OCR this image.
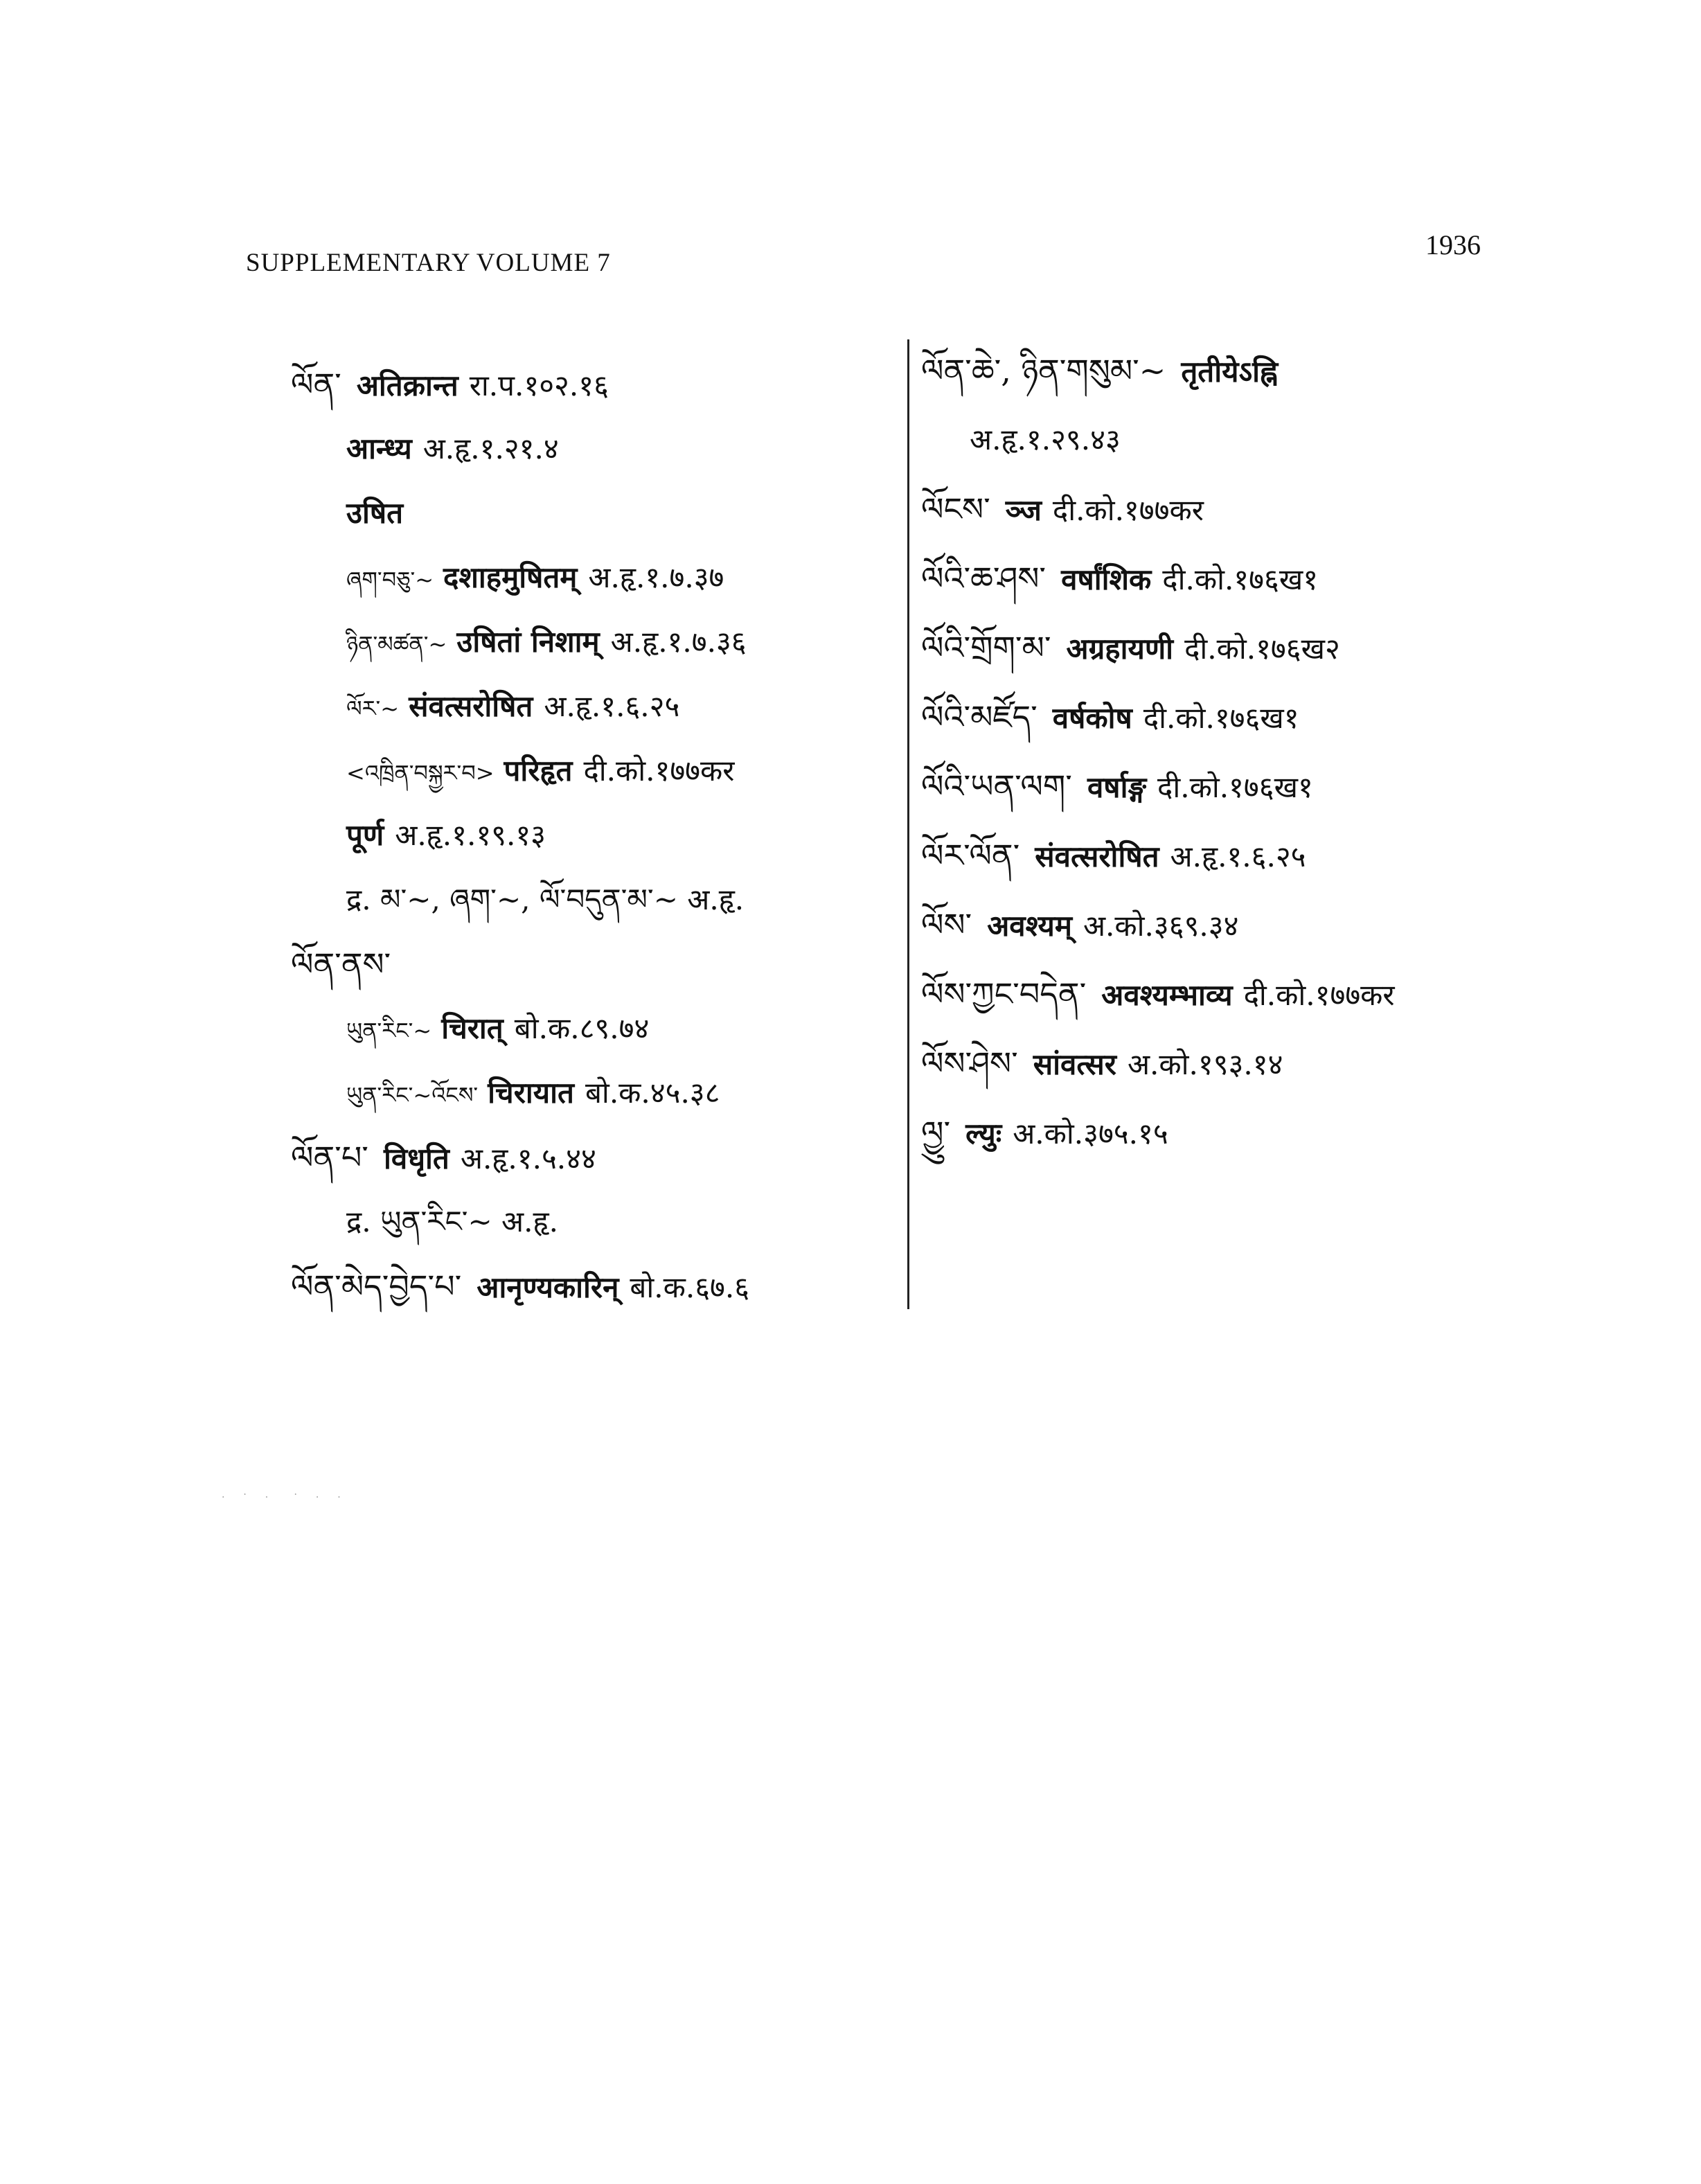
SUPPLEMENTARY VOLUME 7
1936
ལོན་ अतिक्रान्त रा.प.१०२.१६
आन्ध्य अ.हृ.१.२१.४
उषित
ཞག་བཅུ་~ दशाहमुषितम् अ.हृ.१.७.३७
ཉིན་མཚན་~ उषितां निशाम् अ.हृ.१.७.३६
ལོར་~ संवत्सरोषित अ.हृ.१.६.२५
<འཁྲིན་བསྐྱར་བ> परिहृत दी.को.१७७कर
पूर्ण अ.हृ.१.१९.१३
द्र. མ་~, ཞག་~, ལོ་བདུན་མ་~ अ.हृ.
ལོན་ནས་
ཡུན་རིང་~ चिरात् बो.क.८९.७४
ཡུན་རིང་~འོངས་ चिरायात बो.क.४५.३८
ལོན་པ་ विधृति अ.हृ.१.५.४४
द्र. ཡུན་རིང་~ अ.हृ.
ལོན་མེད་བྱེད་པ་ आनृण्यकारिन् बो.क.६७.६
ལོན་ཆེ་, ཉིན་གསུམ་~ तृतीयेऽह्नि
अ.हृ.१.२९.४३
ལོངས་ ञ्ज दी.को.१७७कर
ལོའི་ཆ་ཤས་ वर्षांशिक दी.को.१७६ख१
ལོའི་གྲོག་མ་ अग्रहायणी दी.को.१७६ख२
ལོའི་མཛོད་ वर्षकोष दी.को.१७६ख१
ལོའི་ཡན་ལག་ वर्षाङ्ग दी.को.१७६ख१
ལོར་ལོན་ संवत्सरोषित अ.हृ.१.६.२५
ལོས་ अवश्यम् अ.को.३६९.३४
ལོས་ཀྱང་བདེན་ अवश्यम्भाव्य दी.को.१७७कर
ལོས་ཤེས་ सांवत्सर अ.को.१९३.१४
ལྱུ་ ल्युः अ.को.३७५.१५
.  ·  .   ·  .  .
